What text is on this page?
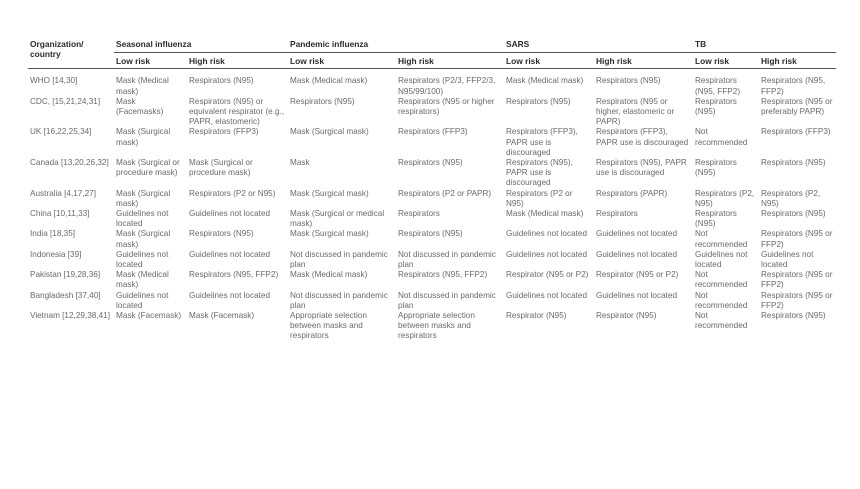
Organization/ country	Seasonal influenza		Pandemic influenza		SARS		TB	
	Low risk	High risk	Low risk	High risk	Low risk	High risk	Low risk	High risk
WHO [14,30]	Mask (Medical mask)	Respirators (N95)	Mask (Medical mask)	Respirators (P2/3, FFP2/3, N95/99/100)	Mask (Medical mask)	Respirators (N95)	Respirators (N95, FFP2)	Respirators (N95, FFP2)
CDC, [15,21,24,31]	Mask (Facemasks)	Respirators (N95) or equivalent respirator (e.g., PAPR, elastomeric)	Respirators (N95)	Respirators (N95 or higher respirators)	Respirators (N95)	Respirators (N95 or higher, elastomeric or PAPR)	Respirators (N95)	Respirators (N95 or preferably PAPR)
UK [16,22,25,34]	Mask (Surgical mask)	Respirators (FFP3)	Mask (Surgical mask)	Respirators (FFP3)	Respirators (FFP3), PAPR use is discouraged	Respirators (FFP3), PAPR use is discouraged	Not recommended	Respirators (FFP3)
Canada [13,20,26,32]	Mask (Surgical or procedure mask)	Mask (Surgical or procedure mask)	Mask	Respirators (N95)	Respirators (N95), PAPR use is discouraged	Respirators (N95), PAPR use is discouraged	Respirators (N95)	Respirators (N95)
Australia [4,17,27]	Mask (Surgical mask)	Respirators (P2 or N95)	Mask (Surgical mask)	Respirators (P2 or PAPR)	Respirators (P2 or N95)	Respirators (PAPR)	Respirators (P2, N95)	Respirators (P2, N95)
China [10,11,33]	Guidelines not located	Guidelines not located	Mask (Surgical or medical mask)	Respirators	Mask (Medical mask)	Respirators	Respirators (N95)	Respirators (N95)
India [18,35]	Mask (Surgical mask)	Respirators (N95)	Mask (Surgical mask)	Respirators (N95)	Guidelines not located	Guidelines not located	Not recommended	Respirators (N95 or FFP2)
Indonesia [39]	Guidelines not located	Guidelines not located	Not discussed in pandemic plan	Not discussed in pandemic plan	Guidelines not located	Guidelines not located	Guidelines not located	Guidelines not located
Pakistan [19,28,36]	Mask (Medical mask)	Respirators (N95, FFP2)	Mask (Medical mask)	Respirators (N95, FFP2)	Respirator (N95 or P2)	Respirator (N95 or P2)	Not recommended	Respirators (N95 or FFP2)
Bangladesh [37,40]	Guidelines not located	Guidelines not located	Not discussed in pandemic plan	Not discussed in pandemic plan	Guidelines not located	Guidelines not located	Not recommended	Respirators (N95 or FFP2)
Vietnam [12,29,38,41]	Mask (Facemask)	Mask (Facemask)	Appropriate selection between masks and respirators	Appropriate selection between masks and respirators	Respirator (N95)	Respirator (N95)	Not recommended	Respirators (N95)
